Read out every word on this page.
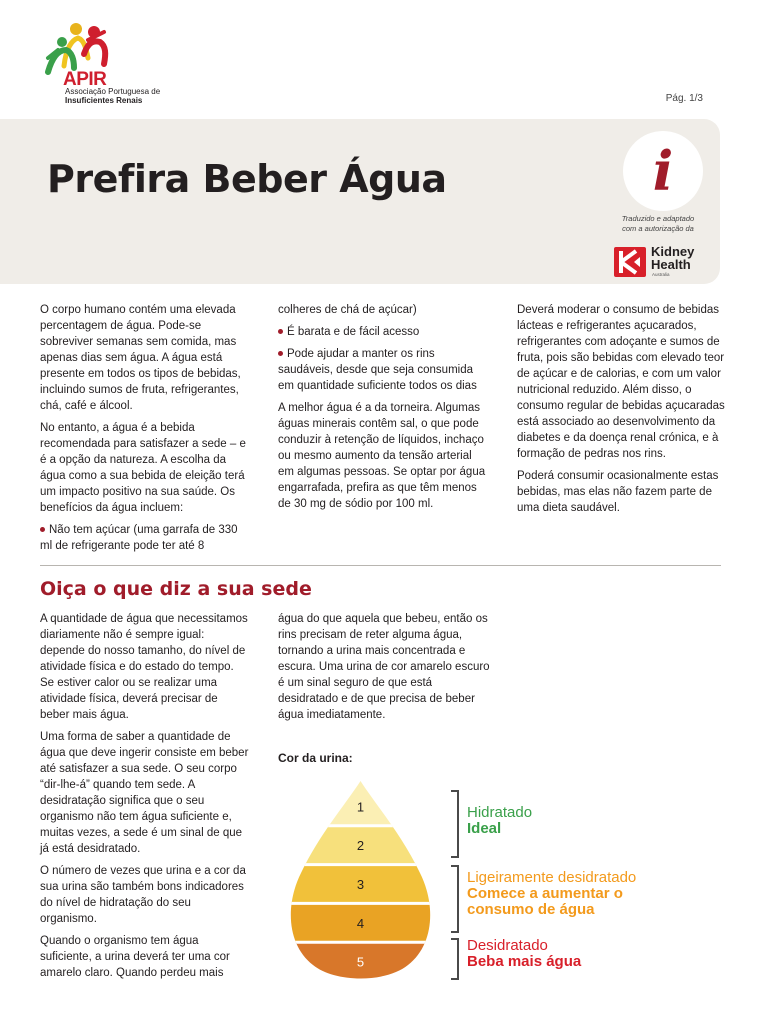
APIR
Associação Portuguesa de
Insuficientes Renais	Pág. 1/3
Prefira Beber Água	i
Traduzido e adaptado
com a autorização da
Kidney
Health
Australia

O corpo humano contém uma elevada percentagem de água. Pode-se sobreviver semanas sem comida, mas apenas dias sem água. A água está presente em todos os tipos de bebidas, incluindo sumos de fruta, refrigerantes, chá, café e álcool.

No entanto, a água é a bebida recomendada para satisfazer a sede – e é a opção da natureza. A escolha da água como a sua bebida de eleição terá um impacto positivo na sua saúde. Os benefícios da água incluem:

Não tem açúcar (uma garrafa de 330 ml de refrigerante pode ter até 8

colheres de chá de açúcar)

É barata e de fácil acesso

Pode ajudar a manter os rins saudáveis, desde que seja consumida em quantidade suficiente todos os dias

A melhor água é a da torneira. Algumas águas minerais contêm sal, o que pode conduzir à retenção de líquidos, inchaço ou mesmo aumento da tensão arterial em algumas pessoas. Se optar por água engarrafada, prefira as que têm menos de 30 mg de sódio por 100 ml.

Deverá moderar o consumo de bebidas lácteas e refrigerantes açucarados, refrigerantes com adoçante e sumos de fruta, pois são bebidas com elevado teor de açúcar e de calorias, e com um valor nutricional reduzido. Além disso, o consumo regular de bebidas açucaradas está associado ao desenvolvimento da diabetes e da doença renal crónica, e à formação de pedras nos rins.

Poderá consumir ocasionalmente estas bebidas, mas elas não fazem parte de uma dieta saudável.

Oiça o que diz a sua sede

A quantidade de água que necessitamos diariamente não é sempre igual: depende do nosso tamanho, do nível de atividade física e do estado do tempo. Se estiver calor ou se realizar uma atividade física, deverá precisar de beber mais água.

Uma forma de saber a quantidade de água que deve ingerir consiste em beber até satisfazer a sua sede. O seu corpo “dir-lhe-á” quando tem sede. A desidratação significa que o seu organismo não tem água suficiente e, muitas vezes, a sede é um sinal de que já está desidratado.

O número de vezes que urina e a cor da sua urina são também bons indicadores do nível de hidratação do seu organismo.

Quando o organismo tem água suficiente, a urina deverá ter uma cor amarelo claro. Quando perdeu mais

água do que aquela que bebeu, então os rins precisam de reter alguma água, tornando a urina mais concentrada e escura. Uma urina de cor amarelo escuro é um sinal seguro de que está desidratado e de que precisa de beber água imediatamente.

Cor da urina:
1
2
3
4
5
Hidratado
Ideal
Ligeiramente desidratado
Comece a aumentar o
consumo de água
Desidratado
Beba mais água
